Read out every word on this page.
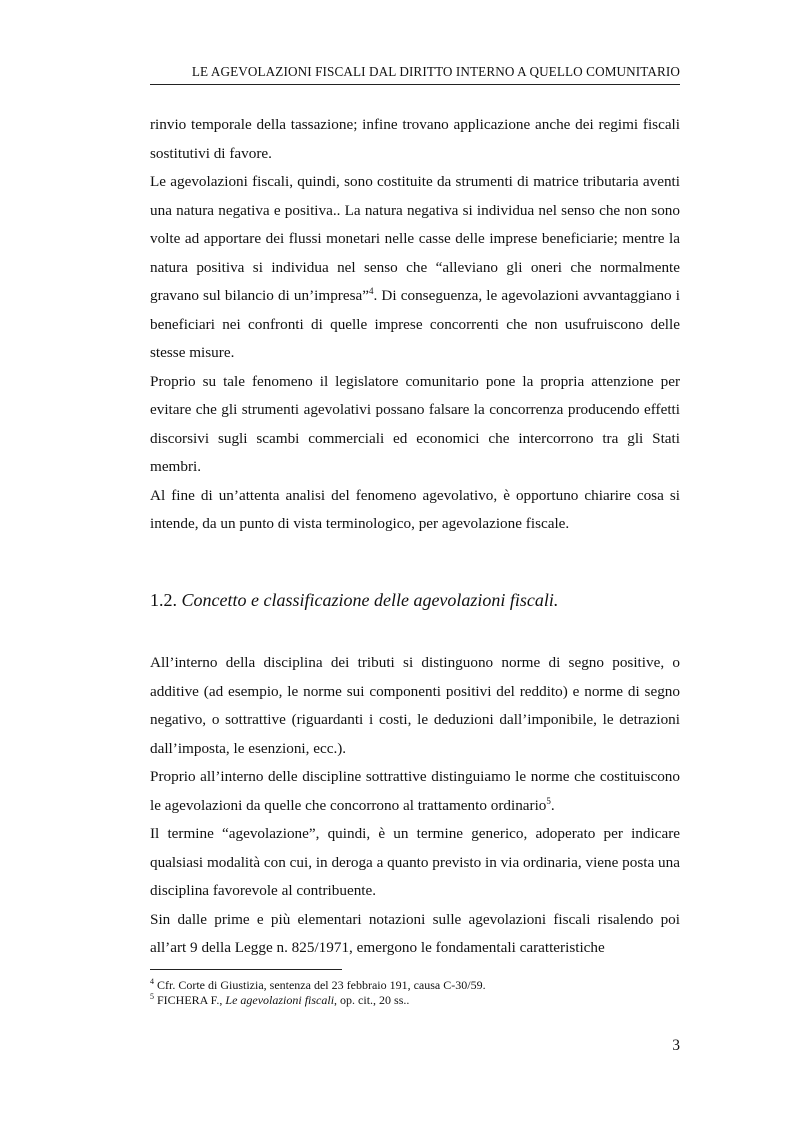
LE AGEVOLAZIONI FISCALI DAL DIRITTO INTERNO A QUELLO COMUNITARIO

rinvio temporale della tassazione; infine trovano applicazione anche dei regimi fiscali sostitutivi di favore.

Le agevolazioni fiscali, quindi, sono costituite da strumenti di matrice tributaria aventi una natura negativa e positiva.. La natura negativa si individua nel senso che non sono volte ad apportare dei flussi monetari nelle casse delle imprese beneficiarie; mentre la natura positiva si individua nel senso che “alleviano gli oneri che normalmente gravano sul bilancio di un’impresa”$^4$. Di conseguenza, le agevolazioni avvantaggiano i beneficiari nei confronti di quelle imprese concorrenti che non usufruiscono delle stesse misure.

Proprio su tale fenomeno il legislatore comunitario pone la propria attenzione per evitare che gli strumenti agevolativi possano falsare la concorrenza producendo effetti discorsivi sugli scambi commerciali ed economici che intercorrono tra gli Stati membri.

Al fine di un’attenta analisi del fenomeno agevolativo, è opportuno chiarire cosa si intende, da un punto di vista terminologico, per agevolazione fiscale.

1.2. Concetto e classificazione delle agevolazioni fiscali.

All’interno della disciplina dei tributi si distinguono norme di segno positive, o additive (ad esempio, le norme sui componenti positivi del reddito) e norme di segno negativo, o sottrattive (riguardanti i costi, le deduzioni dall’imponibile, le detrazioni dall’imposta, le esenzioni, ecc.).

Proprio all’interno delle discipline sottrattive distinguiamo le norme che costituiscono le agevolazioni da quelle che concorrono al trattamento ordinario$^5$.

Il termine “agevolazione”, quindi, è un termine generico, adoperato per indicare qualsiasi modalità con cui, in deroga a quanto previsto in via ordinaria, viene posta una disciplina favorevole al contribuente.

Sin dalle prime e più elementari notazioni sulle agevolazioni fiscali risalendo poi all’art 9 della Legge n. 825/1971, emergono le fondamentali caratteristiche

$^4$ Cfr. Corte di Giustizia, sentenza del 23 febbraio 191, causa C-30/59.
$^5$ FICHERA F., Le agevolazioni fiscali, op. cit., 20 ss..
3
